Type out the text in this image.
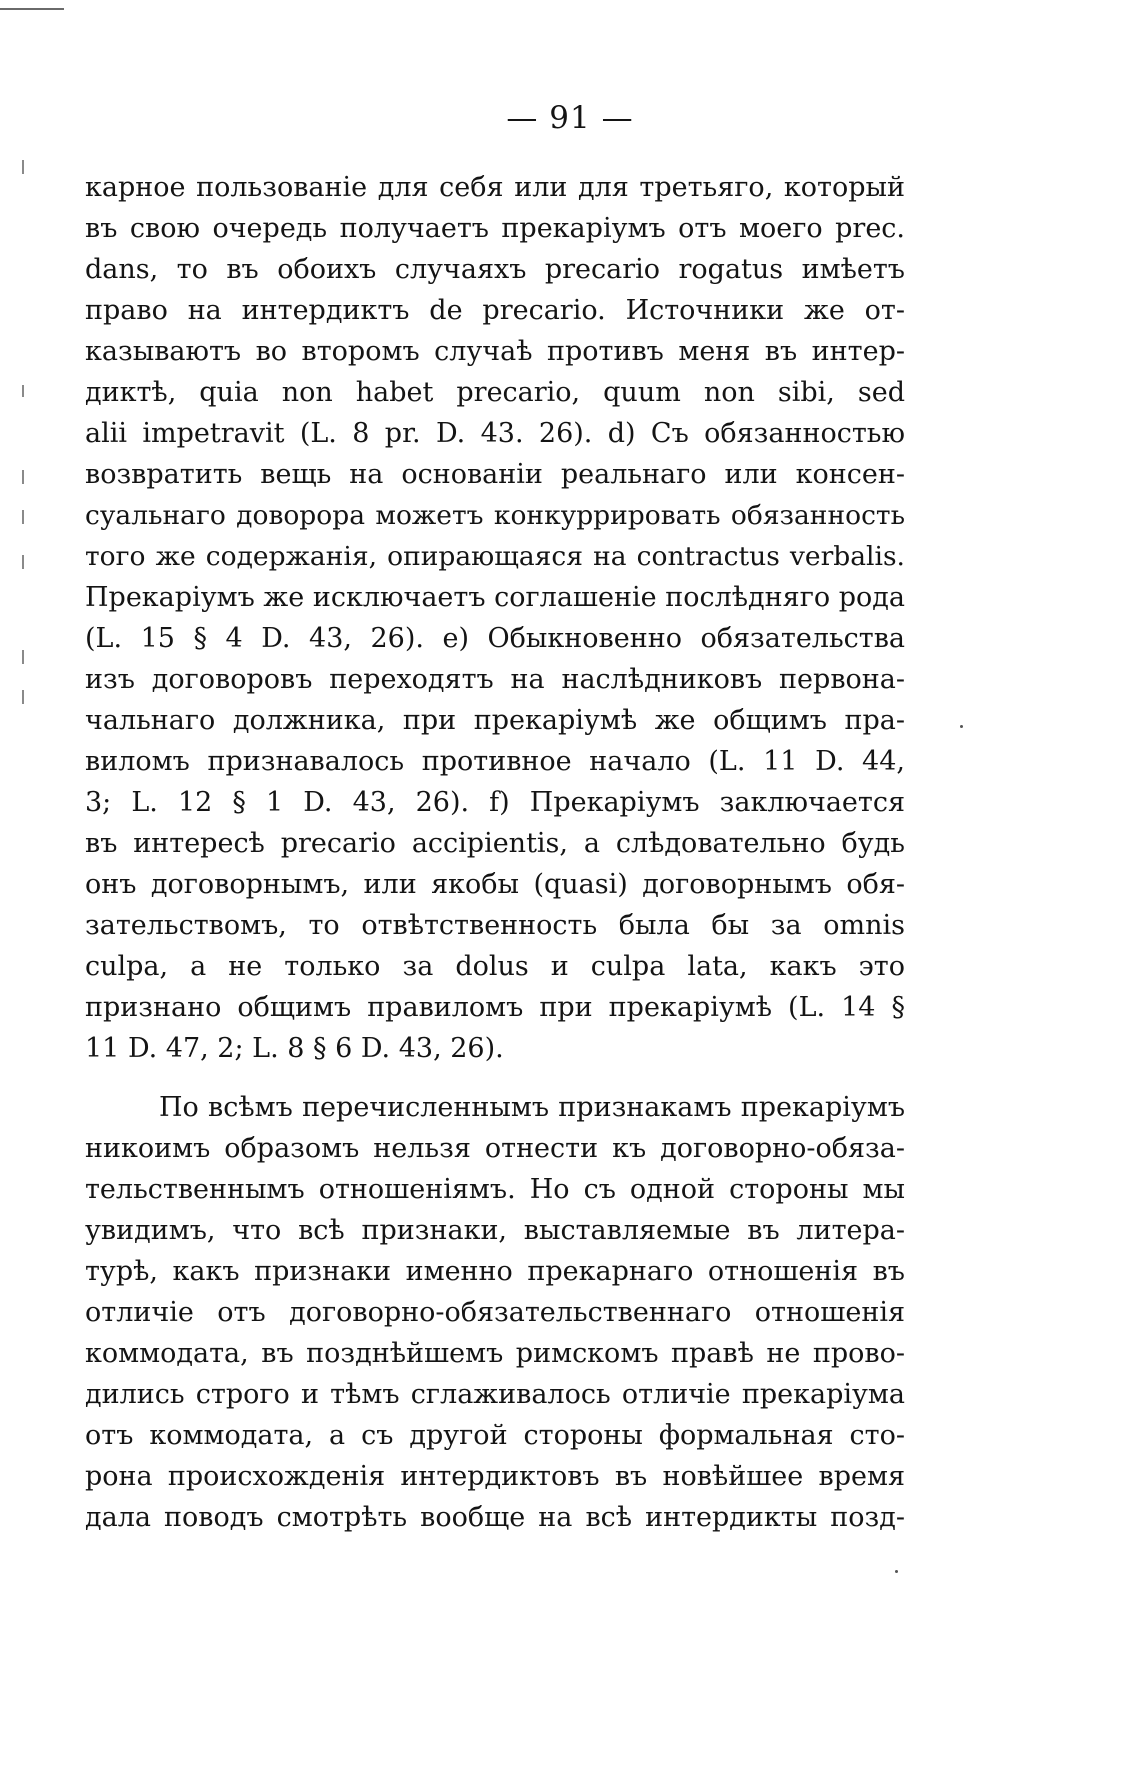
— 91 —
карное пользованіе для себя или для третьяго, который
въ свою очередь получаетъ прекаріумъ отъ моего prec.
dans, то въ обоихъ случаяхъ precario rogatus имѣетъ
право на интердиктъ de precario. Источники же от-
казываютъ во второмъ случаѣ противъ меня въ интер-
диктѣ, quia non habet precario, quum non sibi, sed
alii impetravit (L. 8 pr. D. 43. 26). d) Съ обязанностью
возвратить вещь на основаніи реальнаго или консен-
суальнаго доворора можетъ конкуррировать обязанность
того же содержанія, опирающаяся на contractus verbalis.
Прекаріумъ же исключаетъ соглашеніе послѣдняго рода
(L. 15 § 4 D. 43, 26). e) Обыкновенно обязательства
изъ договоровъ переходятъ на наслѣдниковъ первона-
чальнаго должника, при прекаріумѣ же общимъ пра-
виломъ признавалось противное начало (L. 11 D. 44,
3; L. 12 § 1 D. 43, 26). f) Прекаріумъ заключается
въ интересѣ precario accipientis, а слѣдовательно будь
онъ договорнымъ, или якобы (quasi) договорнымъ обя-
зательствомъ, то отвѣтственность была бы за omnis
culpa, а не только за dolus и culpa lata, какъ это
признано общимъ правиломъ при прекаріумѣ (L. 14 §
11 D. 47, 2; L. 8 § 6 D. 43, 26).
По всѣмъ перечисленнымъ признакамъ прекаріумъ
никоимъ образомъ нельзя отнести къ договорно-обяза-
тельственнымъ отношеніямъ. Но съ одной стороны мы
увидимъ, что всѣ признаки, выставляемые въ литера-
турѣ, какъ признаки именно прекарнаго отношенія въ
отличіе отъ договорно-обязательственнаго отношенія
коммодата, въ позднѣйшемъ римскомъ правѣ не прово-
дились строго и тѣмъ сглаживалось отличіе прекаріума
отъ коммодата, а съ другой стороны формальная сто-
рона происхожденія интердиктовъ въ новѣйшее время
дала поводъ смотрѣть вообще на всѣ интердикты позд-
